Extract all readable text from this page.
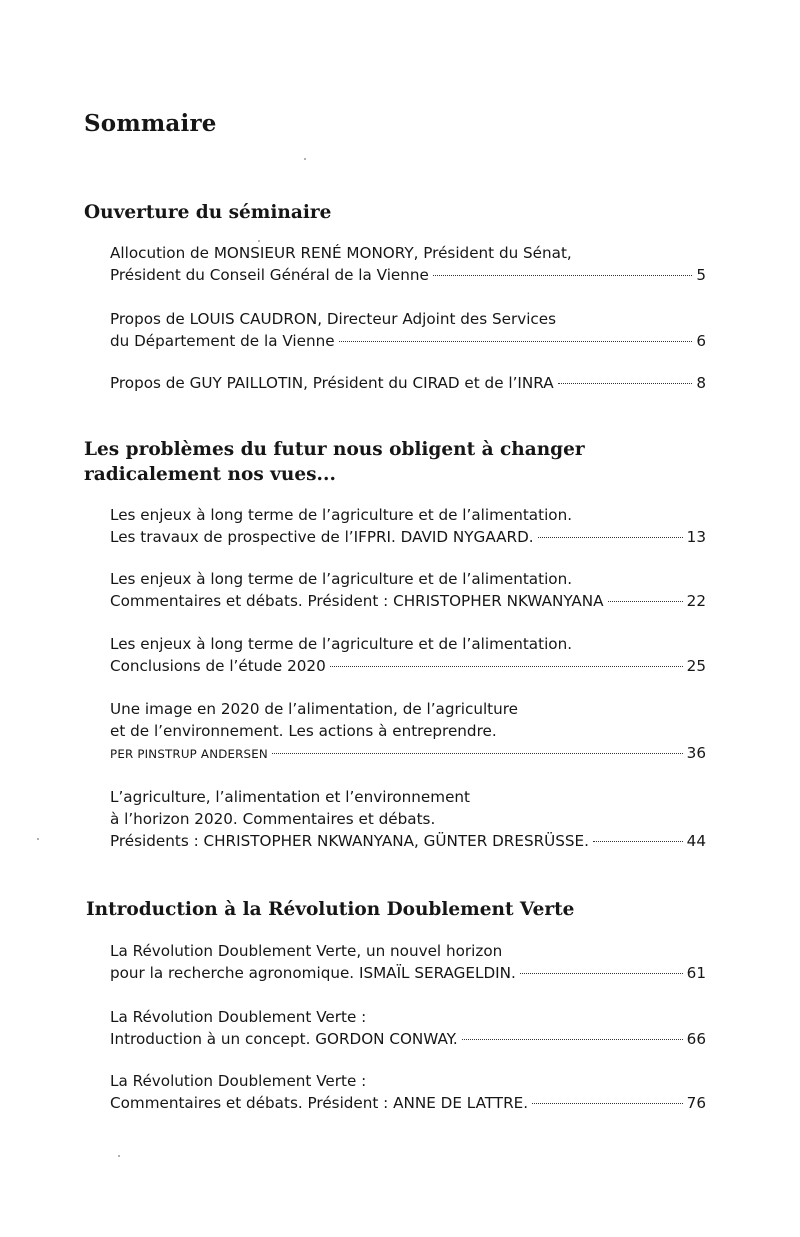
Sommaire
Ouverture du séminaire
Allocution de MONSIEUR RENÉ MONORY, Président du Sénat,
Président du Conseil Général de la Vienne	5
Propos de LOUIS CAUDRON, Directeur Adjoint des Services
du Département de la Vienne	6
Propos de GUY PAILLOTIN, Président du CIRAD et de l’INRA	8
Les problèmes du futur nous obligent à changer
radicalement nos vues...
Les enjeux à long terme de l’agriculture et de l’alimentation.
Les travaux de prospective de l’IFPRI. DAVID NYGAARD.	13
Les enjeux à long terme de l’agriculture et de l’alimentation.
Commentaires et débats. Président : CHRISTOPHER NKWANYANA	22
Les enjeux à long terme de l’agriculture et de l’alimentation.
Conclusions de l’étude 2020	25
Une image en 2020 de l’alimentation, de l’agriculture
et de l’environnement. Les actions à entreprendre.
PER PINSTRUP ANDERSEN	36
L’agriculture, l’alimentation et l’environnement
à l’horizon 2020. Commentaires et débats.
Présidents : CHRISTOPHER NKWANYANA, GÜNTER DRESRÜSSE.	44
Introduction à la Révolution Doublement Verte
La Révolution Doublement Verte, un nouvel horizon
pour la recherche agronomique. ISMAÏL SERAGELDIN.	61
La Révolution Doublement Verte :
Introduction à un concept. GORDON CONWAY.	66
La Révolution Doublement Verte :
Commentaires et débats. Président : ANNE DE LATTRE.	76
